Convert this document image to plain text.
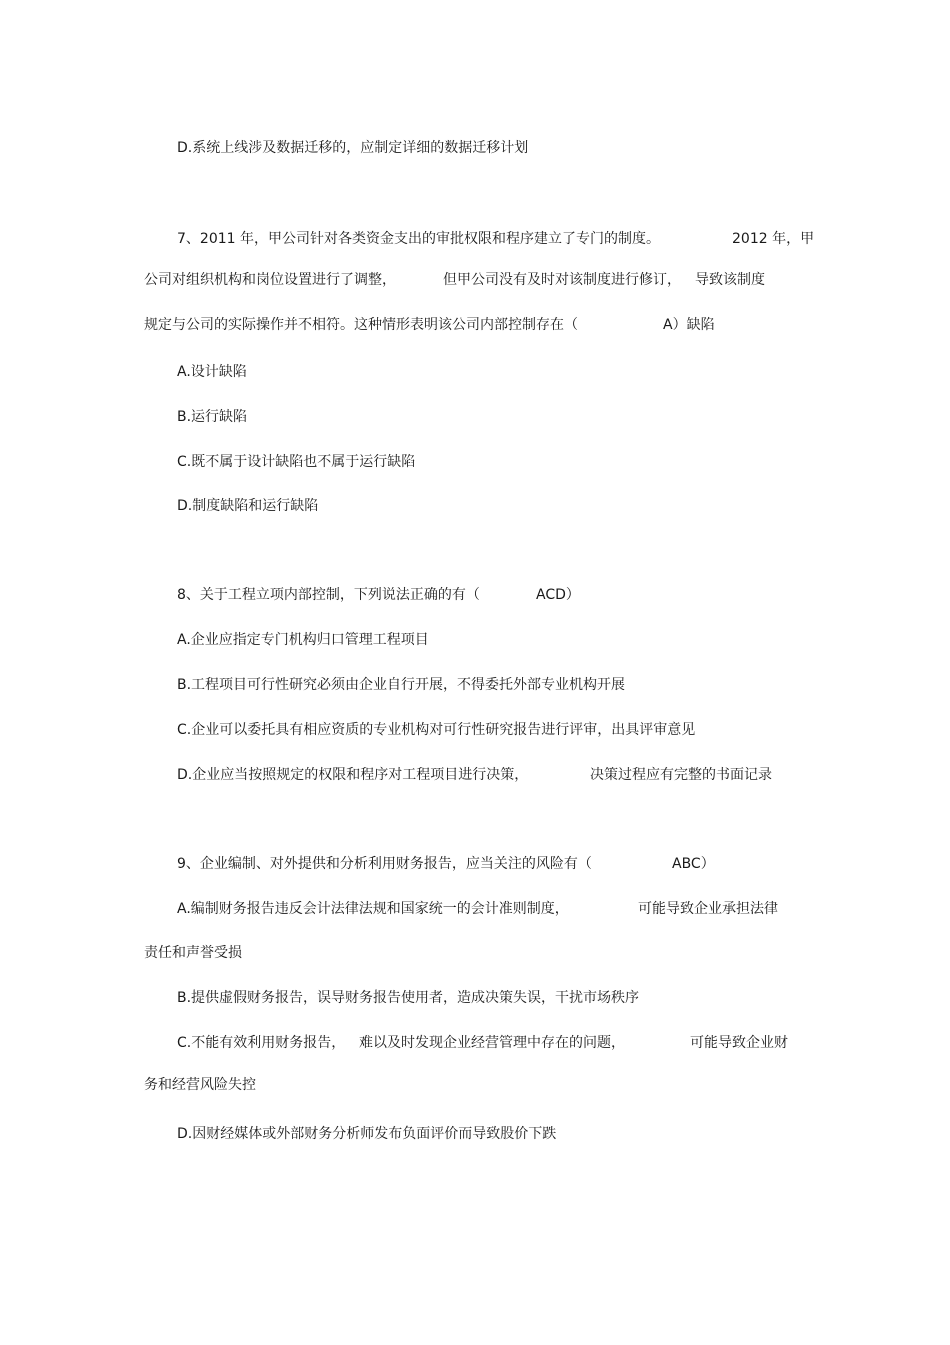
D.系统上线涉及数据迁移的，应制定详细的数据迁移计划
7、2011 年，甲公司针对各类资金支出的审批权限和程序建立了专门的制度。	2012 年，甲
公司对组织机构和岗位设置进行了调整，	但甲公司没有及时对该制度进行修订， 导致该制度
规定与公司的实际操作并不相符。这种情形表明该公司内部控制存在（	A）缺陷
A.设计缺陷
B.运行缺陷
C.既不属于设计缺陷也不属于运行缺陷
D.制度缺陷和运行缺陷
8、关于工程立项内部控制，下列说法正确的有（	ACD）
A.企业应指定专门机构归口管理工程项目
B.工程项目可行性研究必须由企业自行开展，不得委托外部专业机构开展
C.企业可以委托具有相应资质的专业机构对可行性研究报告进行评审，出具评审意见
D.企业应当按照规定的权限和程序对工程项目进行决策，	决策过程应有完整的书面记录
9、企业编制、对外提供和分析利用财务报告，应当关注的风险有（	ABC）
A.编制财务报告违反会计法律法规和国家统一的会计准则制度，	可能导致企业承担法律
责任和声誉受损
B.提供虚假财务报告，误导财务报告使用者，造成决策失误，干扰市场秩序
C.不能有效利用财务报告， 难以及时发现企业经营管理中存在的问题，	可能导致企业财
务和经营风险失控
D.因财经媒体或外部财务分析师发布负面评价而导致股价下跌
